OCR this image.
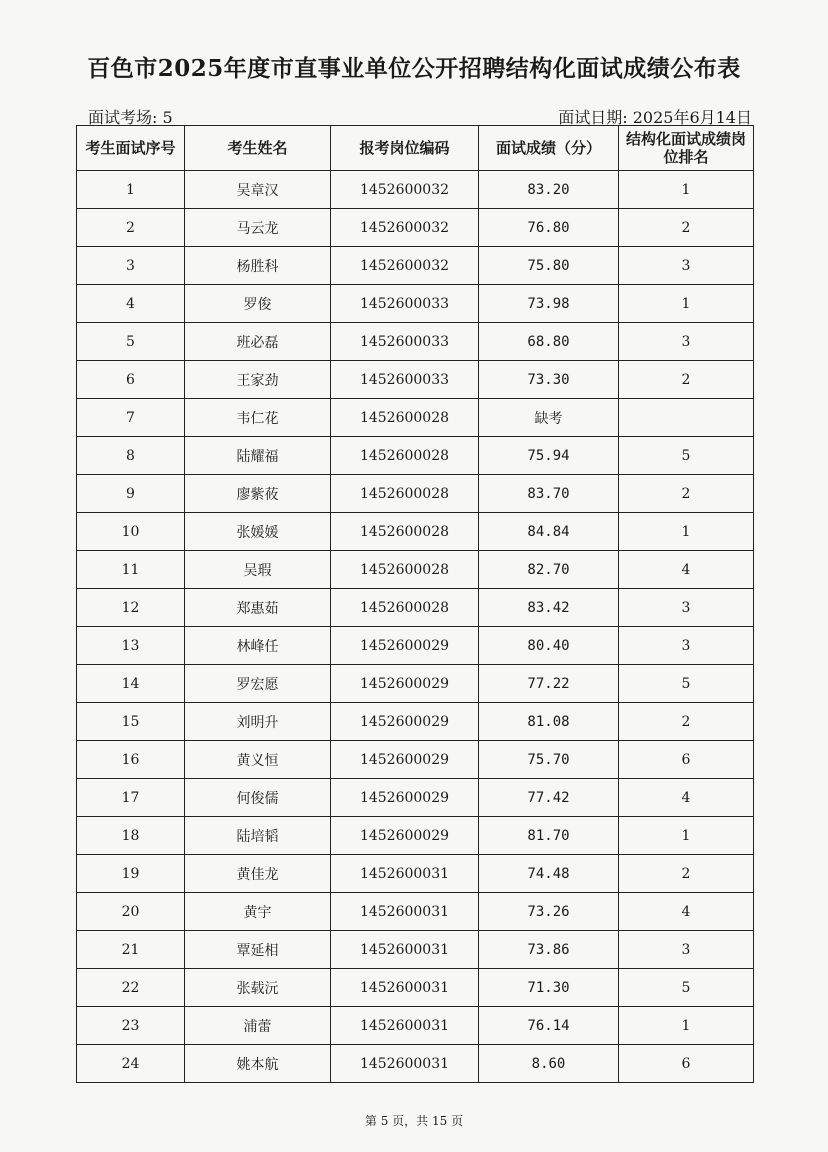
百色市2025年度市直事业单位公开招聘结构化面试成绩公布表
面试考场: 5	面试日期: 2025年6月14日
考生面试序号	考生姓名	报考岗位编码	面试成绩（分）	结构化面试成绩岗位排名
1	吴章汉	1452600032	83.20	1
2	马云龙	1452600032	76.80	2
3	杨胜科	1452600032	75.80	3
4	罗俊	1452600033	73.98	1
5	班必磊	1452600033	68.80	3
6	王家劲	1452600033	73.30	2
7	韦仁花	1452600028	缺考	
8	陆耀福	1452600028	75.94	5
9	廖紫莜	1452600028	83.70	2
10	张媛媛	1452600028	84.84	1
11	吴瑕	1452600028	82.70	4
12	郑惠茹	1452600028	83.42	3
13	林峰任	1452600029	80.40	3
14	罗宏愿	1452600029	77.22	5
15	刘明升	1452600029	81.08	2
16	黄义恒	1452600029	75.70	6
17	何俊儒	1452600029	77.42	4
18	陆培韬	1452600029	81.70	1
19	黄佳龙	1452600031	74.48	2
20	黄宇	1452600031	73.26	4
21	覃延相	1452600031	73.86	3
22	张载沅	1452600031	71.30	5
23	浦蕾	1452600031	76.14	1
24	姚本航	1452600031	8.60	6
第 5 页，共 15 页
